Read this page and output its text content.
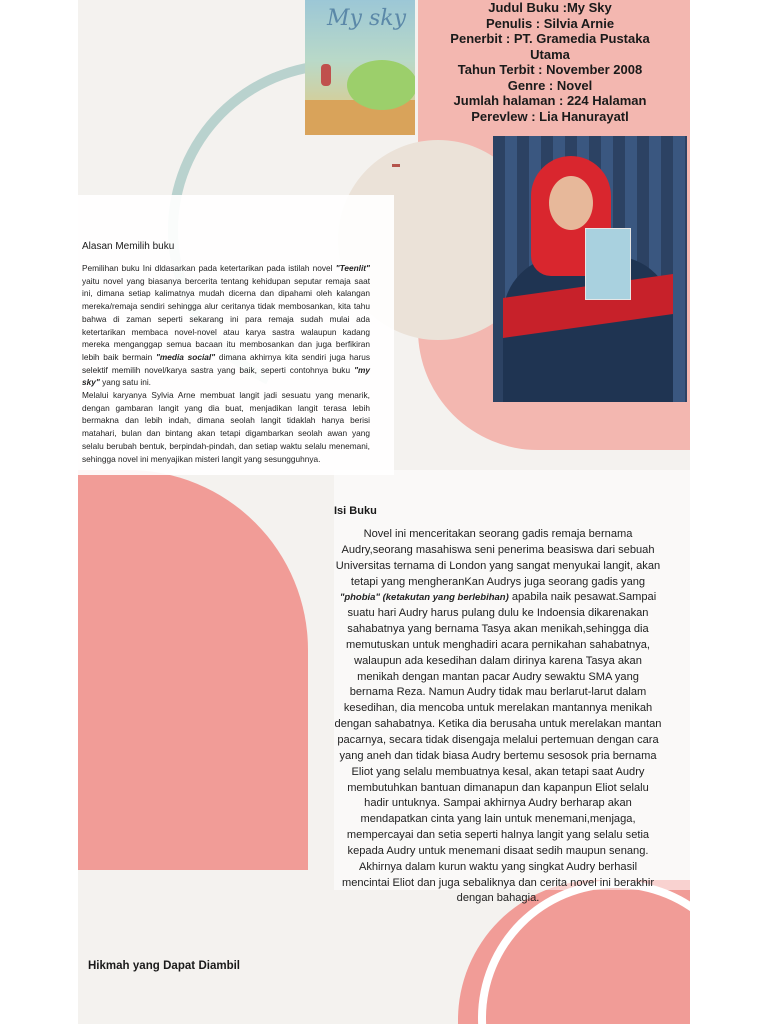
My sky	Judul Buku :My Sky
Penulis : Silvia Arnie
Penerbit : PT. Gramedia Pustaka Utama
Tahun Terbit : November 2008
Genre : Novel
Jumlah halaman : 224 Halaman
Perevlew : Lia Hanurayatl
Alasan Memilih buku

Pemilihan buku Ini dldasarkan pada ketertarikan pada istilah novel "Teenlit" yaitu novel yang biasanya bercerita tentang kehidupan seputar remaja saat ini, dimana setiap kalimatnya mudah dicerna dan dipahami oleh kalangan mereka/remaja sendiri sehingga alur ceritanya tidak membosankan, kita tahu bahwa di zaman seperti sekarang ini para remaja sudah mulai ada ketertarikan membaca novel-novel atau karya sastra walaupun kadang mereka menganggap semua bacaan itu membosankan dan juga berfikiran lebih baik bermain "media social" dimana akhirnya kita sendiri juga harus selektif memilih novel/karya sastra yang baik, seperti contohnya buku "my sky" yang satu ini.

Melalui karyanya Sylvia Arne membuat langit jadi sesuatu yang menarik, dengan gambaran langit yang dia buat, menjadikan langit terasa lebih bermakna dan lebih indah, dimana seolah langit tidaklah hanya berisi matahari, bulan dan bintang akan tetapi digambarkan seolah awan yang selalu berubah bentuk, berpindah-pindah, dan setiap waktu selalu menemani, sehingga novel ini menyajikan misteri langit yang sesungguhnya.

Isi Buku
Novel ini menceritakan seorang gadis remaja bernama Audry,seorang masahiswa seni penerima beasiswa dari sebuah Universitas ternama di London yang sangat menyukai langit, akan tetapi yang mengheranKan Audrys juga seorang gadis yang "phobia" (ketakutan yang berlebihan) apabila naik pesawat.Sampai suatu hari Audry harus pulang dulu ke Indoensia dikarenakan sahabatnya yang bernama Tasya akan menikah,sehingga dia memutuskan untuk menghadiri acara pernikahan sahabatnya, walaupun ada kesedihan dalam dirinya karena Tasya akan menikah dengan mantan pacar Audry sewaktu SMA yang bernama Reza. Namun Audry tidak mau berlarut-larut dalam kesedihan, dia mencoba untuk merelakan mantannya menikah dengan sahabatnya. Ketika dia berusaha untuk merelakan mantan pacarnya, secara tidak disengaja melalui pertemuan dengan cara yang aneh dan tidak biasa Audry bertemu sesosok pria bernama Eliot yang selalu membuatnya kesal, akan tetapi saat Audry membutuhkan bantuan dimanapun dan kapanpun Eliot selalu hadir untuknya. Sampai akhirnya Audry berharap akan mendapatkan cinta yang lain untuk menemani,menjaga, mempercayai dan setia seperti halnya langit yang selalu setia kepada Audry untuk menemani disaat sedih maupun senang. Akhirnya dalam kurun waktu yang singkat Audry berhasil mencintai Eliot dan juga sebaliknya dan cerita novel ini berakhir dengan bahagia.
Hikmah yang Dapat Diambil
